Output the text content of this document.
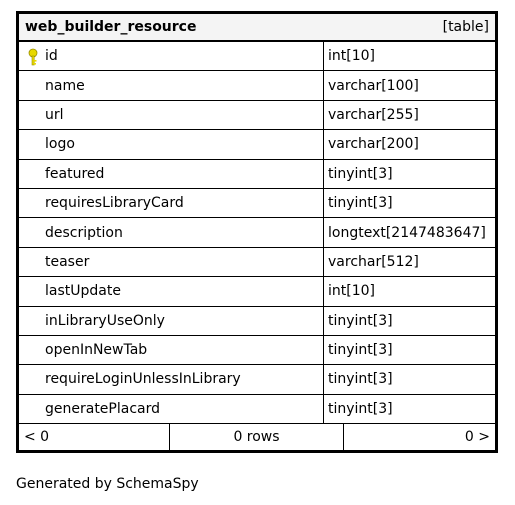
web_builder_resource	[table]
id	int[10]
name	varchar[100]
url	varchar[255]
logo	varchar[200]
featured	tinyint[3]
requiresLibraryCard	tinyint[3]
description	longtext[2147483647]
teaser	varchar[512]
lastUpdate	int[10]
inLibraryUseOnly	tinyint[3]
openInNewTab	tinyint[3]
requireLoginUnlessInLibrary	tinyint[3]
generatePlacard	tinyint[3]
< 0	0 rows	0 >
Generated by SchemaSpy
